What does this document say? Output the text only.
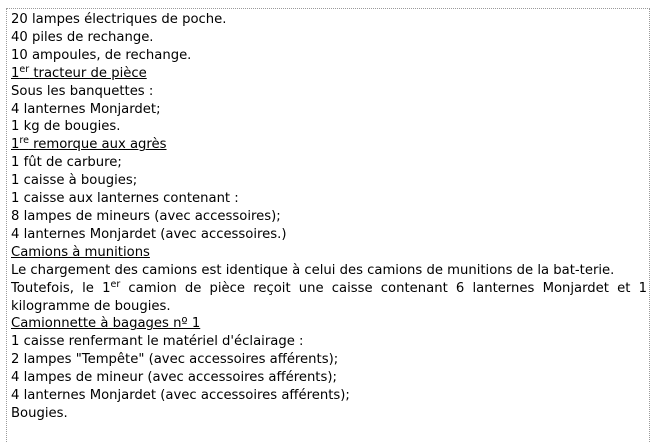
20 lampes électriques de poche.
40 piles de rechange.
10 ampoules, de rechange.
1er tracteur de pièce
Sous les banquettes :
4 lanternes Monjardet;
1 kg de bougies.
1re remorque aux agrès
1 fût de carbure;
1 caisse à bougies;
1 caisse aux lanternes contenant :
8 lampes de mineurs (avec accessoires);
4 lanternes Monjardet (avec accessoires.)
Camions à munitions
Le chargement des camions est identique à celui des camions de munitions de la bat-terie.
Toutefois, le 1er camion de pièce reçoit une caisse contenant 6 lanternes Monjardet et 1 kilogramme de bougies.
Camionnette à bagages nº 1
1 caisse renfermant le matériel d'éclairage :
2 lampes "Tempête" (avec accessoires afférents);
4 lampes de mineur (avec accessoires afférents);
4 lanternes Monjardet (avec accessoires afférents);
Bougies.
